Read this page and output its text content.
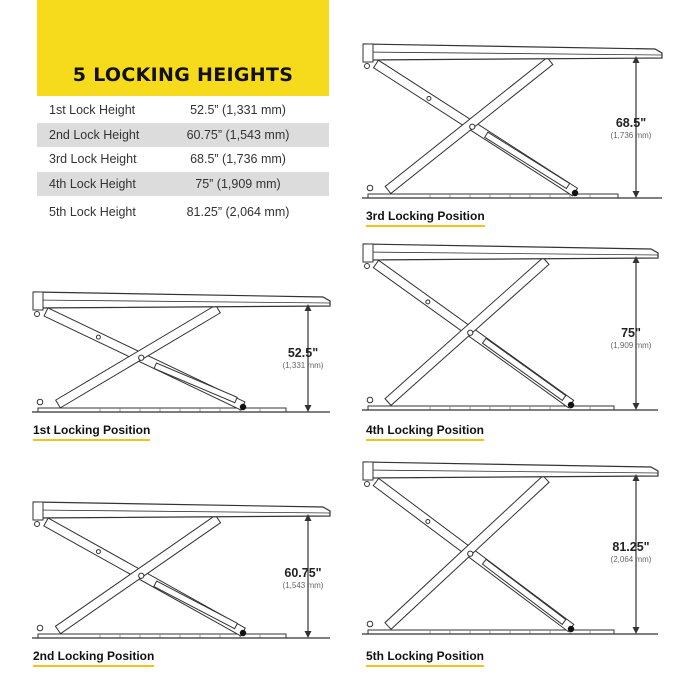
5 LOCKING HEIGHTS
1st Lock Height	52.5” (1,331 mm)
2nd Lock Height	60.75” (1,543 mm)
3rd Lock Height	68.5” (1,736 mm)
4th Lock Height	75” (1,909 mm)
5th Lock Height	81.25” (2,064 mm)
68.5"
(1,736 mm)
3rd Locking Position
75"
(1,909 mm)
4th Locking Position
81.25"
(2,064 mm)
5th Locking Position
52.5"
(1,331 mm)
1st Locking Position
60.75"
(1,543 mm)
2nd Locking Position
